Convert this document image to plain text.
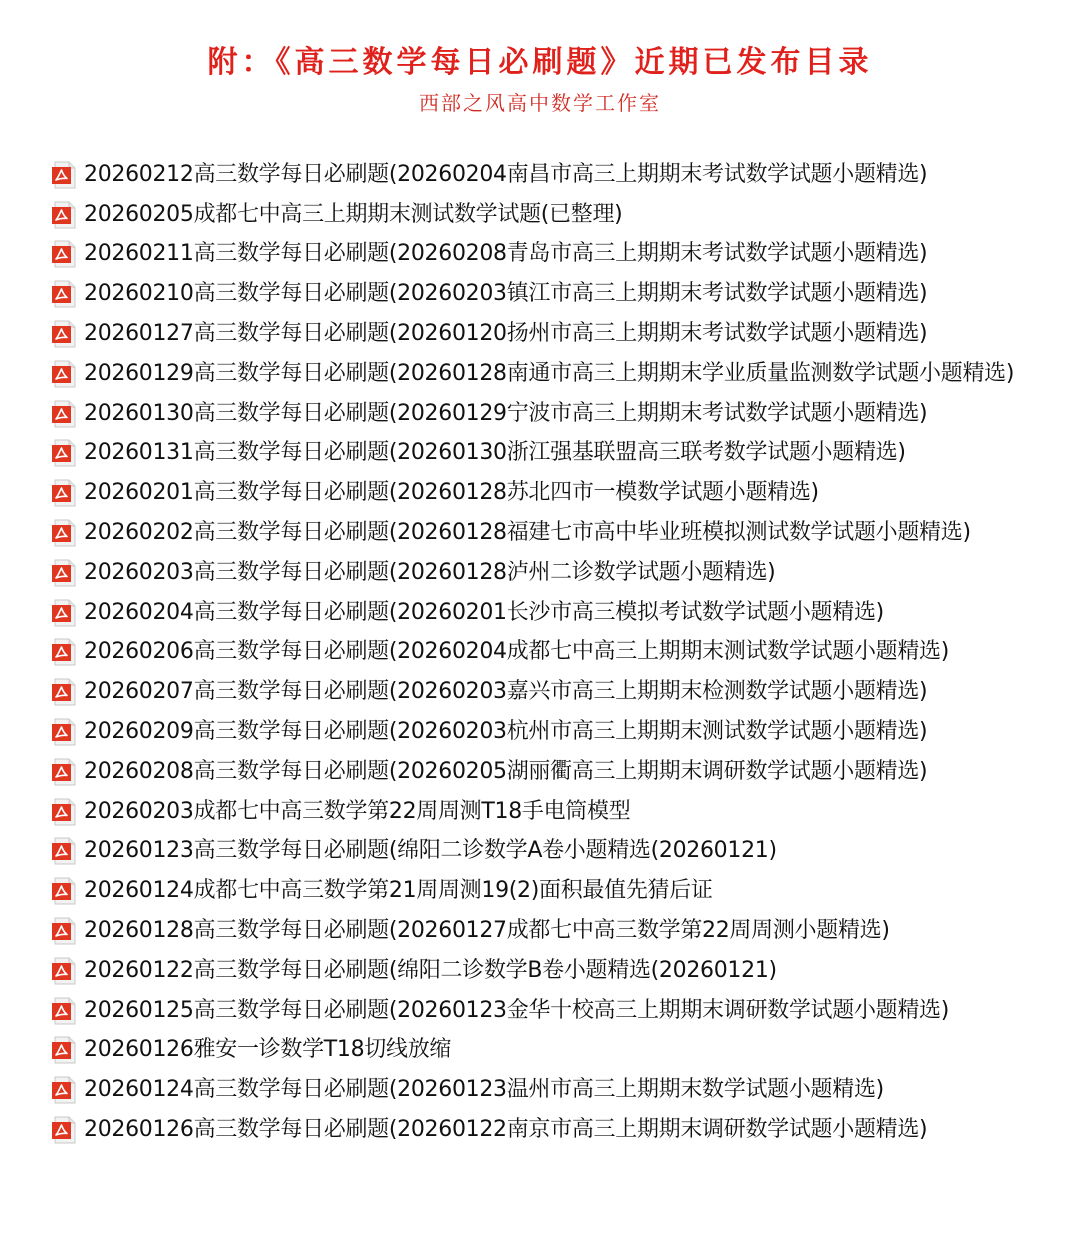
附：《高三数学每日必刷题》近期已发布目录
西部之风高中数学工作室
20260212高三数学每日必刷题(20260204南昌市高三上期期末考试数学试题小题精选)
20260205成都七中高三上期期末测试数学试题(已整理)
20260211高三数学每日必刷题(20260208青岛市高三上期期末考试数学试题小题精选)
20260210高三数学每日必刷题(20260203镇江市高三上期期末考试数学试题小题精选)
20260127高三数学每日必刷题(20260120扬州市高三上期期末考试数学试题小题精选)
20260129高三数学每日必刷题(20260128南通市高三上期期末学业质量监测数学试题小题精选)
20260130高三数学每日必刷题(20260129宁波市高三上期期末考试数学试题小题精选)
20260131高三数学每日必刷题(20260130浙江强基联盟高三联考数学试题小题精选)
20260201高三数学每日必刷题(20260128苏北四市一模数学试题小题精选)
20260202高三数学每日必刷题(20260128福建七市高中毕业班模拟测试数学试题小题精选)
20260203高三数学每日必刷题(20260128泸州二诊数学试题小题精选)
20260204高三数学每日必刷题(20260201长沙市高三模拟考试数学试题小题精选)
20260206高三数学每日必刷题(20260204成都七中高三上期期末测试数学试题小题精选)
20260207高三数学每日必刷题(20260203嘉兴市高三上期期末检测数学试题小题精选)
20260209高三数学每日必刷题(20260203杭州市高三上期期末测试数学试题小题精选)
20260208高三数学每日必刷题(20260205湖丽衢高三上期期末调研数学试题小题精选)
20260203成都七中高三数学第22周周测T18手电筒模型
20260123高三数学每日必刷题(绵阳二诊数学A卷小题精选(20260121)
20260124成都七中高三数学第21周周测19(2)面积最值先猜后证
20260128高三数学每日必刷题(20260127成都七中高三数学第22周周测小题精选)
20260122高三数学每日必刷题(绵阳二诊数学B卷小题精选(20260121)
20260125高三数学每日必刷题(20260123金华十校高三上期期末调研数学试题小题精选)
20260126雅安一诊数学T18切线放缩
20260124高三数学每日必刷题(20260123温州市高三上期期末数学试题小题精选)
20260126高三数学每日必刷题(20260122南京市高三上期期末调研数学试题小题精选)
